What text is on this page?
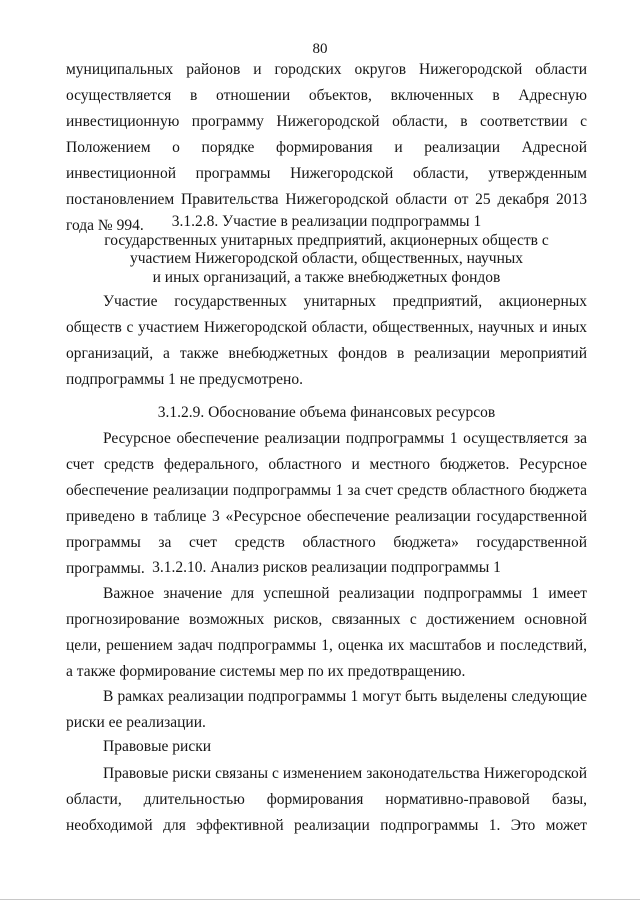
80

муниципальных районов и городских округов Нижегородской области осуществляется в отношении объектов, включенных в Адресную инвестиционную программу Нижегородской области, в соответствии с Положением о порядке формирования и реализации Адресной инвестиционной программы Нижегородской области, утвержденным постановлением Правительства Нижегородской области от 25 декабря 2013 года № 994.	3.1.2.8. Участие в реализации подпрограммы 1

государственных унитарных предприятий, акционерных обществ с

участием Нижегородской области, общественных, научных

и иных организаций, а также внебюджетных фондов

Участие государственных унитарных предприятий, акционерных обществ с участием Нижегородской области, общественных, научных и иных организаций, а также внебюджетных фондов в реализации мероприятий подпрограммы 1 не предусмотрено.

3.1.2.9. Обоснование объема финансовых ресурсов

Ресурсное обеспечение реализации подпрограммы 1 осуществляется за счет средств федерального, областного и местного бюджетов. Ресурсное обеспечение реализации подпрограммы 1 за счет средств областного бюджета приведено в таблице 3 «Ресурсное обеспечение реализации государственной программы за счет средств областного бюджета» государственной программы. 3.1.2.10. Анализ рисков реализации подпрограммы 1

Важное значение для успешной реализации подпрограммы 1 имеет прогнозирование возможных рисков, связанных с достижением основной цели, решением задач подпрограммы 1, оценка их масштабов и последствий, а также формирование системы мер по их предотвращению.

В рамках реализации подпрограммы 1 могут быть выделены следующие риски ее реализации.

Правовые риски

Правовые риски связаны с изменением законодательства Нижегородской области, длительностью формирования нормативно-правовой базы, необходимой для эффективной реализации подпрограммы 1. Это может
